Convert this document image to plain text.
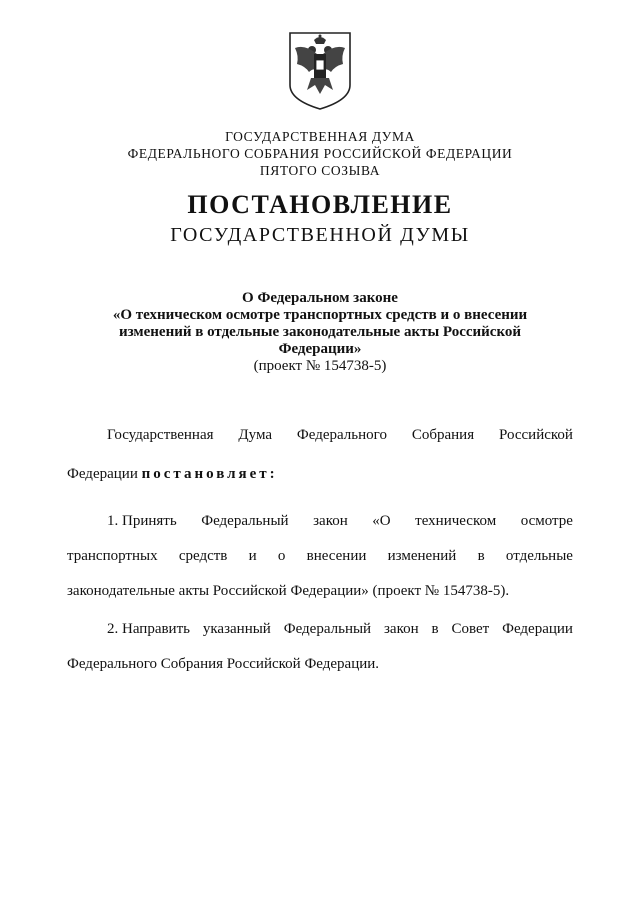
ГОСУДАРСТВЕННАЯ ДУМА
ФЕДЕРАЛЬНОГО СОБРАНИЯ РОССИЙСКОЙ ФЕДЕРАЦИИ
ПЯТОГО СОЗЫВА
ПОСТАНОВЛЕНИЕ
ГОСУДАРСТВЕННОЙ ДУМЫ
О Федеральном законе
«О техническом осмотре транспортных средств и о внесении
изменений в отдельные законодательные акты Российской
Федерации»
(проект № 154738-5)
Государственная Дума Федерального Собрания Российской
Федерации постановляет:
1. Принять Федеральный закон «О техническом осмотре
транспортных средств и о внесении изменений в отдельные
законодательные акты Российской Федерации» (проект № 154738-5).
2. Направить указанный Федеральный закон в Совет Федерации
Федерального Собрания Российской Федерации.
